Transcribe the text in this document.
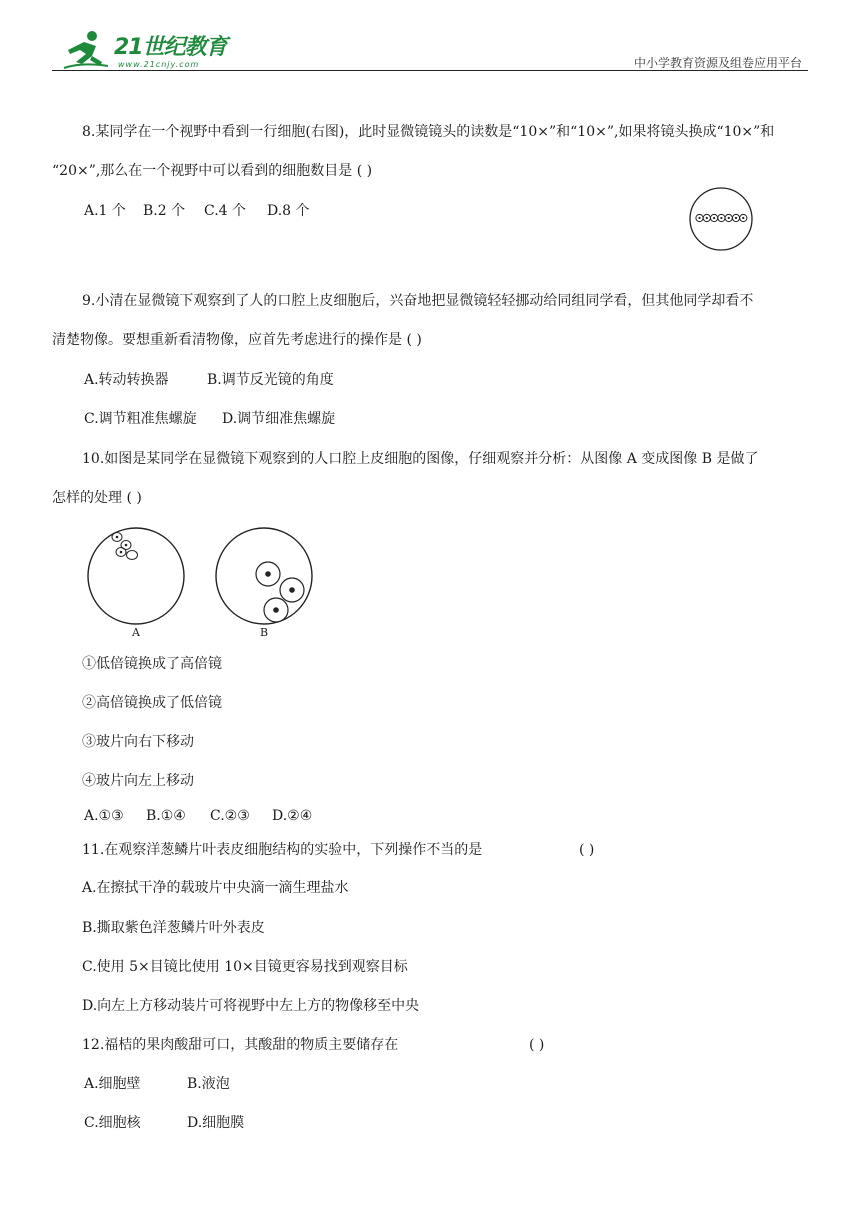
21世纪教育
www.21cnjy.com	中小学教育资源及组卷应用平台
8.某同学在一个视野中看到一行细胞(右图)，此时显微镜镜头的读数是“10×”和“10×”,如果将镜头换成“10×”和
“20×”,那么在一个视野中可以看到的细胞数目是 ( )
A.1 个 B.2 个 C.4 个 D.8 个
9.小清在显微镜下观察到了人的口腔上皮细胞后，兴奋地把显微镜轻轻挪动给同组同学看，但其他同学却看不
清楚物像。要想重新看清物像，应首先考虑进行的操作是 ( )
A.转动转换器	B.调节反光镜的角度
C.调节粗准焦螺旋 D.调节细准焦螺旋
10.如图是某同学在显微镜下观察到的人口腔上皮细胞的图像，仔细观察并分析：从图像 A 变成图像 B 是做了
怎样的处理 ( )
A	B
①低倍镜换成了高倍镜
②高倍镜换成了低倍镜
③玻片向右下移动
④玻片向左上移动
A.①③ B.①④ C.②③ D.②④
11.在观察洋葱鳞片叶表皮细胞结构的实验中，下列操作不当的是	( )
A.在擦拭干净的载玻片中央滴一滴生理盐水
B.撕取紫色洋葱鳞片叶外表皮
C.使用 5×目镜比使用 10×目镜更容易找到观察目标
D.向左上方移动装片可将视野中左上方的物像移至中央
12.福桔的果肉酸甜可口，其酸甜的物质主要储存在	( )
A.细胞壁	B.液泡
C.细胞核	D.细胞膜
